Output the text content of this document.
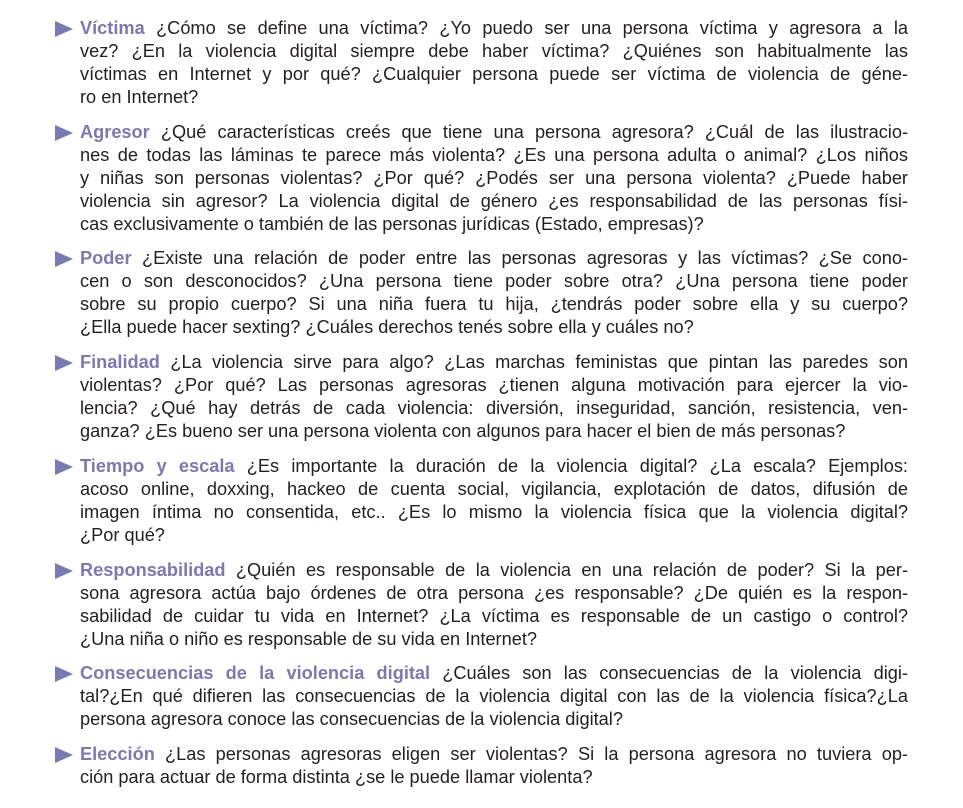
Víctima ¿Cómo se define una víctima? ¿Yo puedo ser una persona víctima y agresora a la
vez? ¿En la violencia digital siempre debe haber víctima? ¿Quiénes son habitualmente las
víctimas en Internet y por qué? ¿Cualquier persona puede ser víctima de violencia de géne-
ro en Internet?
Agresor ¿Qué características creés que tiene una persona agresora? ¿Cuál de las ilustracio-
nes de todas las láminas te parece más violenta? ¿Es una persona adulta o animal? ¿Los niños
y niñas son personas violentas? ¿Por qué? ¿Podés ser una persona violenta? ¿Puede haber
violencia sin agresor? La violencia digital de género ¿es responsabilidad de las personas físi-
cas exclusivamente o también de las personas jurídicas (Estado, empresas)?
Poder ¿Existe una relación de poder entre las personas agresoras y las víctimas? ¿Se cono-
cen o son desconocidos? ¿Una persona tiene poder sobre otra? ¿Una persona tiene poder
sobre su propio cuerpo? Si una niña fuera tu hija, ¿tendrás poder sobre ella y su cuerpo?
¿Ella puede hacer sexting? ¿Cuáles derechos tenés sobre ella y cuáles no?
Finalidad ¿La violencia sirve para algo? ¿Las marchas feministas que pintan las paredes son
violentas? ¿Por qué? Las personas agresoras ¿tienen alguna motivación para ejercer la vio-
lencia? ¿Qué hay detrás de cada violencia: diversión, inseguridad, sanción, resistencia, ven-
ganza? ¿Es bueno ser una persona violenta con algunos para hacer el bien de más personas?
Tiempo y escala ¿Es importante la duración de la violencia digital? ¿La escala? Ejemplos:
acoso online, doxxing, hackeo de cuenta social, vigilancia, explotación de datos, difusión de
imagen íntima no consentida, etc.. ¿Es lo mismo la violencia física que la violencia digital?
¿Por qué?
Responsabilidad ¿Quién es responsable de la violencia en una relación de poder? Si la per-
sona agresora actúa bajo órdenes de otra persona ¿es responsable? ¿De quién es la respon-
sabilidad de cuidar tu vida en Internet? ¿La víctima es responsable de un castigo o control?
¿Una niña o niño es responsable de su vida en Internet?
Consecuencias de la violencia digital ¿Cuáles son las consecuencias de la violencia digi-
tal?¿En qué difieren las consecuencias de la violencia digital con las de la violencia física?¿La
persona agresora conoce las consecuencias de la violencia digital?
Elección ¿Las personas agresoras eligen ser violentas? Si la persona agresora no tuviera op-
ción para actuar de forma distinta ¿se le puede llamar violenta?
